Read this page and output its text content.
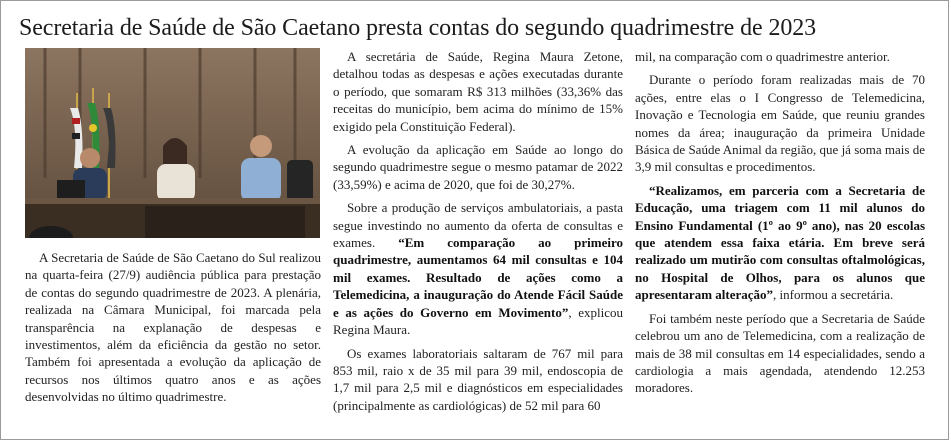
Secretaria de Saúde de São Caetano presta contas do segundo quadrimestre de 2023

A Secretaria de Saúde de São Caetano do Sul realizou na quarta-feira (27/9) audiência pública para prestação de contas do segundo quadrimestre de 2023. A plenária, realizada na Câmara Municipal, foi marcada pela transparência na explanação de despesas e investimentos, além da eficiência da gestão no setor. Também foi apresentada a evolução da aplicação de recursos nos últimos quatro anos e as ações desenvolvidas no último quadrimestre.

A secretária de Saúde, Regina Maura Zetone, detalhou todas as despesas e ações executadas durante o período, que somaram R$ 313 milhões (33,36% das receitas do município, bem acima do mínimo de 15% exigido pela Constituição Federal).

A evolução da aplicação em Saúde ao longo do segundo quadrimestre segue o mesmo patamar de 2022 (33,59%) e acima de 2020, que foi de 30,27%.

Sobre a produção de serviços ambulatoriais, a pasta segue investindo no aumento da oferta de consultas e exames. “Em comparação ao primeiro quadrimestre, aumentamos 64 mil consultas e 104 mil exames. Resultado de ações como a Telemedicina, a inauguração do Atende Fácil Saúde e as ações do Governo em Movimento”, explicou Regina Maura.

Os exames laboratoriais saltaram de 767 mil para 853 mil, raio x de 35 mil para 39 mil, endoscopia de 1,7 mil para 2,5 mil e diagnósticos em especialidades (principalmente as cardiológicas) de 52 mil para 60

mil, na comparação com o quadrimestre anterior.

Durante o período foram realizadas mais de 70 ações, entre elas o I Congresso de Telemedicina, Inovação e Tecnologia em Saúde, que reuniu grandes nomes da área; inauguração da primeira Unidade Básica de Saúde Animal da região, que já soma mais de 3,9 mil consultas e procedimentos.

“Realizamos, em parceria com a Secretaria de Educação, uma triagem com 11 mil alunos do Ensino Fundamental (1º ao 9º ano), nas 20 escolas que atendem essa faixa etária. Em breve será realizado um mutirão com consultas oftalmológicas, no Hospital de Olhos, para os alunos que apresentaram alteração”, informou a secretária.

Foi também neste período que a Secretaria de Saúde celebrou um ano de Telemedicina, com a realização de mais de 38 mil consultas em 14 especialidades, sendo a cardiologia a mais agendada, atendendo 12.253 moradores.
